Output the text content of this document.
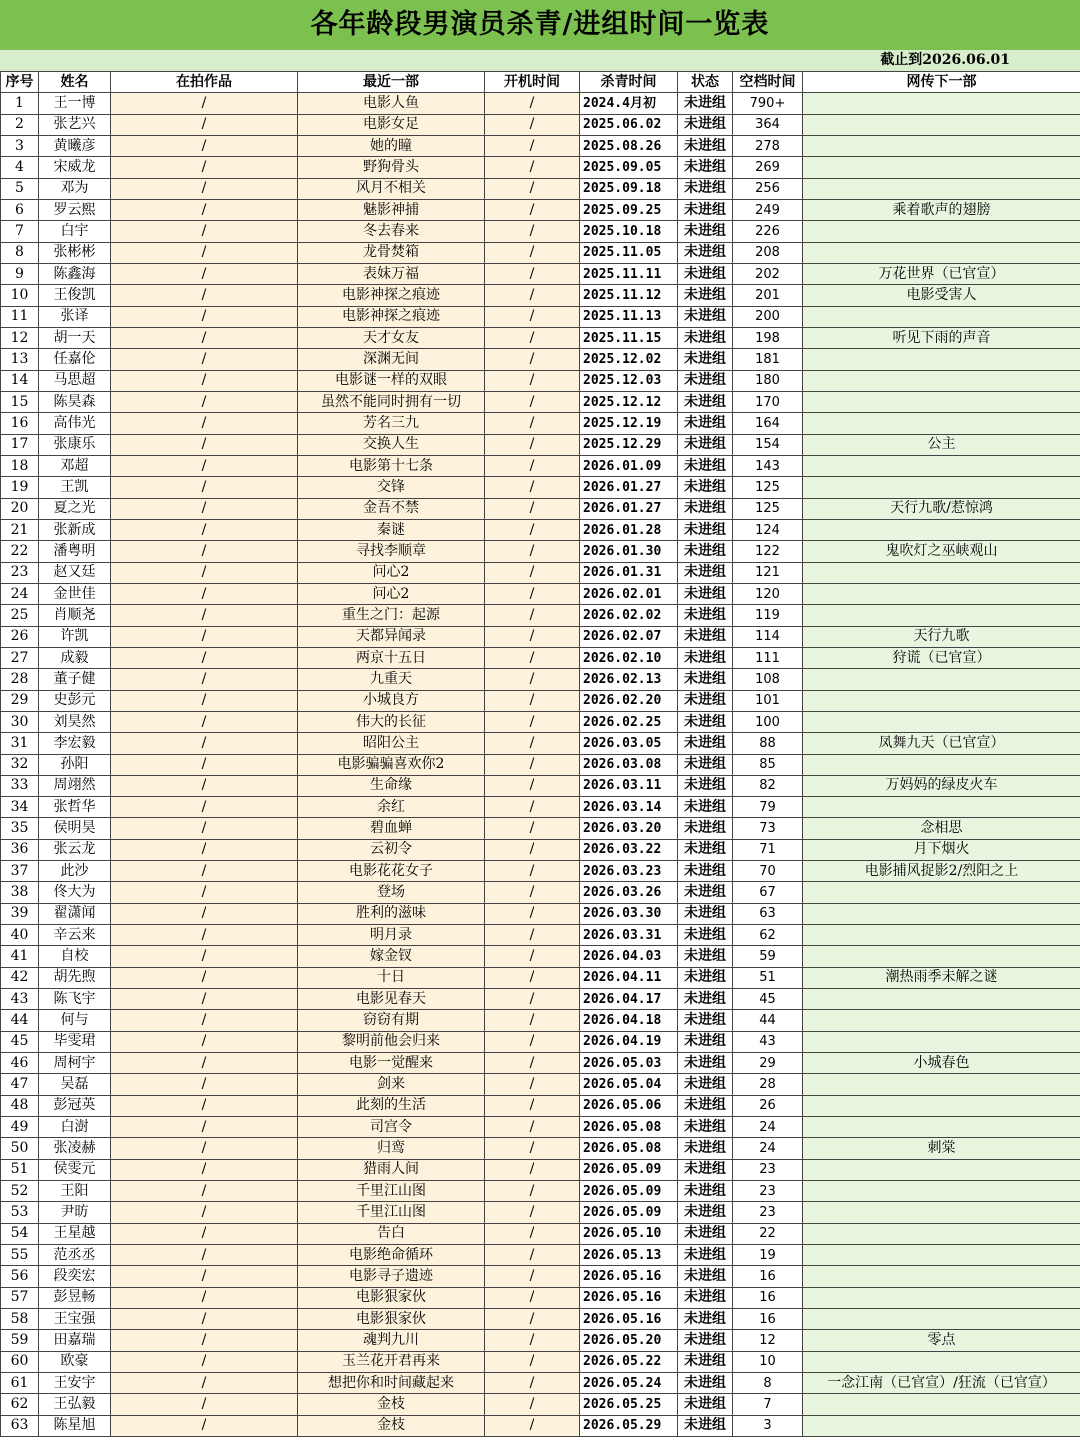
各年龄段男演员杀青/进组时间一览表
截止到2026.06.01
序号	姓名	在拍作品	最近一部	开机时间	杀青时间	状态	空档时间	网传下一部
1	王一博	/	电影人鱼	/	2024.4月初	未进组	790+	
2	张艺兴	/	电影女足	/	2025.06.02	未进组	364	
3	黄曦彦	/	她的瞳	/	2025.08.26	未进组	278	
4	宋威龙	/	野狗骨头	/	2025.09.05	未进组	269	
5	邓为	/	风月不相关	/	2025.09.18	未进组	256	
6	罗云熙	/	魅影神捕	/	2025.09.25	未进组	249	乘着歌声的翅膀
7	白宇	/	冬去春来	/	2025.10.18	未进组	226	
8	张彬彬	/	龙骨焚箱	/	2025.11.05	未进组	208	
9	陈鑫海	/	表妹万福	/	2025.11.11	未进组	202	万花世界（已官宣）
10	王俊凯	/	电影神探之痕迹	/	2025.11.12	未进组	201	电影受害人
11	张译	/	电影神探之痕迹	/	2025.11.13	未进组	200	
12	胡一天	/	天才女友	/	2025.11.15	未进组	198	听见下雨的声音
13	任嘉伦	/	深渊无间	/	2025.12.02	未进组	181	
14	马思超	/	电影谜一样的双眼	/	2025.12.03	未进组	180	
15	陈昊森	/	虽然不能同时拥有一切	/	2025.12.12	未进组	170	
16	高伟光	/	芳名三九	/	2025.12.19	未进组	164	
17	张康乐	/	交换人生	/	2025.12.29	未进组	154	公主
18	邓超	/	电影第十七条	/	2026.01.09	未进组	143	
19	王凯	/	交锋	/	2026.01.27	未进组	125	
20	夏之光	/	金吾不禁	/	2026.01.27	未进组	125	天行九歌/惹惊鸿
21	张新成	/	秦谜	/	2026.01.28	未进组	124	
22	潘粤明	/	寻找李顺章	/	2026.01.30	未进组	122	鬼吹灯之巫峡观山
23	赵又廷	/	问心2	/	2026.01.31	未进组	121	
24	金世佳	/	问心2	/	2026.02.01	未进组	120	
25	肖顺尧	/	重生之门：起源	/	2026.02.02	未进组	119	
26	许凯	/	天都异闻录	/	2026.02.07	未进组	114	天行九歌
27	成毅	/	两京十五日	/	2026.02.10	未进组	111	狩谎（已官宣）
28	董子健	/	九重天	/	2026.02.13	未进组	108	
29	史彭元	/	小城良方	/	2026.02.20	未进组	101	
30	刘昊然	/	伟大的长征	/	2026.02.25	未进组	100	
31	李宏毅	/	昭阳公主	/	2026.03.05	未进组	88	凤舞九天（已官宣）
32	孙阳	/	电影骗骗喜欢你2	/	2026.03.08	未进组	85	
33	周翊然	/	生命缘	/	2026.03.11	未进组	82	万妈妈的绿皮火车
34	张哲华	/	余红	/	2026.03.14	未进组	79	
35	侯明昊	/	碧血蝉	/	2026.03.20	未进组	73	念相思
36	张云龙	/	云初令	/	2026.03.22	未进组	71	月下烟火
37	此沙	/	电影花花女子	/	2026.03.23	未进组	70	电影捕风捉影2/烈阳之上
38	佟大为	/	登场	/	2026.03.26	未进组	67	
39	翟潇闻	/	胜利的滋味	/	2026.03.30	未进组	63	
40	辛云来	/	明月录	/	2026.03.31	未进组	62	
41	自校	/	嫁金钗	/	2026.04.03	未进组	59	
42	胡先煦	/	十日	/	2026.04.11	未进组	51	潮热雨季未解之谜
43	陈飞宇	/	电影见春天	/	2026.04.17	未进组	45	
44	何与	/	窃窃有期	/	2026.04.18	未进组	44	
45	毕雯珺	/	黎明前他会归来	/	2026.04.19	未进组	43	
46	周柯宇	/	电影一觉醒来	/	2026.05.03	未进组	29	小城春色
47	吴磊	/	剑来	/	2026.05.04	未进组	28	
48	彭冠英	/	此刻的生活	/	2026.05.06	未进组	26	
49	白澍	/	司宫令	/	2026.05.08	未进组	24	
50	张凌赫	/	归鸾	/	2026.05.08	未进组	24	刺棠
51	侯雯元	/	猎雨人间	/	2026.05.09	未进组	23	
52	王阳	/	千里江山图	/	2026.05.09	未进组	23	
53	尹昉	/	千里江山图	/	2026.05.09	未进组	23	
54	王星越	/	告白	/	2026.05.10	未进组	22	
55	范丞丞	/	电影绝命循环	/	2026.05.13	未进组	19	
56	段奕宏	/	电影寻子遗迹	/	2026.05.16	未进组	16	
57	彭昱畅	/	电影狠家伙	/	2026.05.16	未进组	16	
58	王宝强	/	电影狠家伙	/	2026.05.16	未进组	16	
59	田嘉瑞	/	魂判九川	/	2026.05.20	未进组	12	零点
60	欧豪	/	玉兰花开君再来	/	2026.05.22	未进组	10	
61	王安宇	/	想把你和时间藏起来	/	2026.05.24	未进组	8	一念江南（已官宣）/狂流（已官宣）
62	王弘毅	/	金枝	/	2026.05.25	未进组	7	
63	陈星旭	/	金枝	/	2026.05.29	未进组	3	
